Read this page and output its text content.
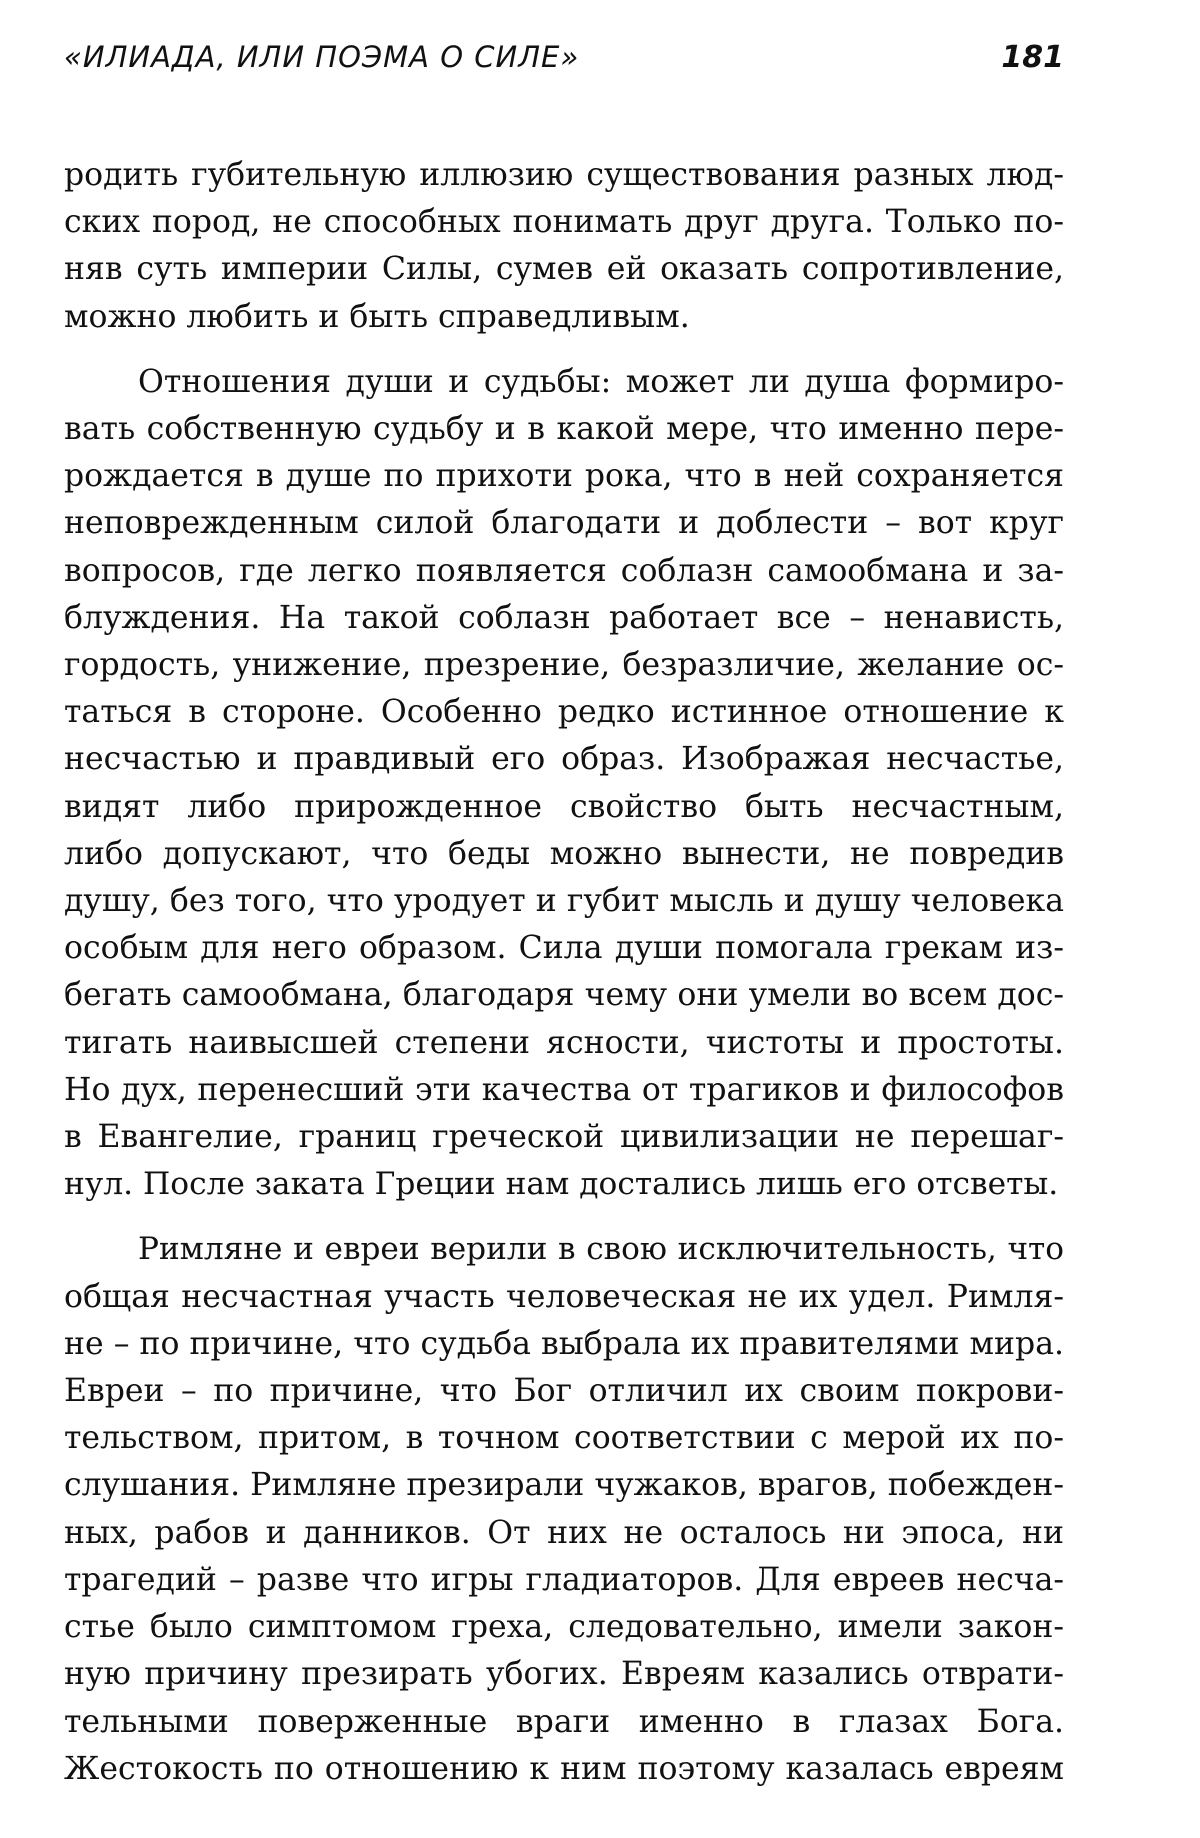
«ИЛИАДА, ИЛИ ПОЭМА О СИЛЕ»	181

родить губительную иллюзию существования разных люд-
ских пород, не способных понимать друг друга. Только по-
няв суть империи Силы, сумев ей оказать сопротивление,
можно любить и быть справедливым.

Отношения души и судьбы: может ли душа формиро-
вать собственную судьбу и в какой мере, что именно пере-
рождается в душе по прихоти рока, что в ней сохраняется
неповрежденным силой благодати и доблести – вот круг
вопросов, где легко появляется соблазн самообмана и за-
блуждения. На такой соблазн работает все – ненависть,
гордость, унижение, презрение, безразличие, желание ос-
таться в стороне. Особенно редко истинное отношение к
несчастью и правдивый его образ. Изображая несчастье,
видят либо прирожденное свойство быть несчастным,
либо допускают, что беды можно вынести, не повредив
душу, без того, что уродует и губит мысль и душу человека
особым для него образом. Сила души помогала грекам из-
бегать самообмана, благодаря чему они умели во всем дос-
тигать наивысшей степени ясности, чистоты и простоты.
Но дух, перенесший эти качества от трагиков и философов
в Евангелие, границ греческой цивилизации не перешаг-
нул. После заката Греции нам достались лишь его отсветы.

Римляне и евреи верили в свою исключительность, что
общая несчастная участь человеческая не их удел. Римля-
не – по причине, что судьба выбрала их правителями мира.
Евреи – по причине, что Бог отличил их своим покрови-
тельством, притом, в точном соответствии с мерой их по-
слушания. Римляне презирали чужаков, врагов, побежден-
ных, рабов и данников. От них не осталось ни эпоса, ни
трагедий – разве что игры гладиаторов. Для евреев несча-
стье было симптомом греха, следовательно, имели закон-
ную причину презирать убогих. Евреям казались отврати-
тельными поверженные враги именно в глазах Бога.
Жестокость по отношению к ним поэтому казалась евреям
